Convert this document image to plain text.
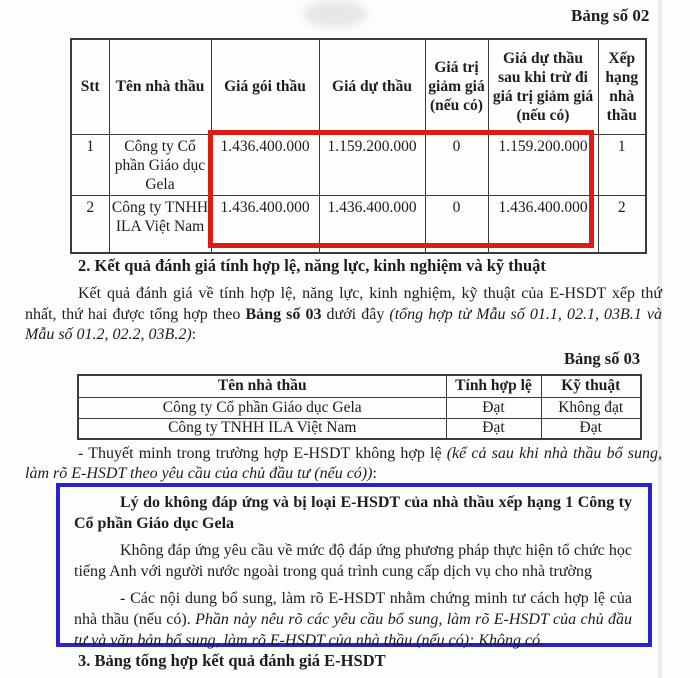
Bảng số 02
Stt	Tên nhà thầu	Giá gói thầu	Giá dự thầu	Giá trị giảm giá (nếu có)	Giá dự thầu sau khi trừ đi giá trị giảm giá (nếu có)	Xếp hạng nhà thầu
1	Công ty Cổ phần Giáo dục Gela	1.436.400.000	1.159.200.000	0	1.159.200.000	1
2	Công ty TNHH ILA Việt Nam	1.436.400.000	1.436.400.000	0	1.436.400.000	2
2. Kết quả đánh giá tính hợp lệ, năng lực, kinh nghiệm và kỹ thuật
Kết quả đánh giá về tính hợp lệ, năng lực, kinh nghiệm, kỹ thuật của E-HSDT xếp thứ nhất, thứ hai được tổng hợp theo Bảng số 03 dưới đây (tổng hợp từ Mẫu số 01.1, 02.1, 03B.1 và Mẫu số 01.2, 02.2, 03B.2):
Bảng số 03
Tên nhà thầu	Tính hợp lệ	Kỹ thuật
Công ty Cổ phần Giáo dục Gela	Đạt	Không đạt
Công ty TNHH ILA Việt Nam	Đạt	Đạt
- Thuyết minh trong trường hợp E-HSDT không hợp lệ (kể cả sau khi nhà thầu bổ sung, làm rõ E-HSDT theo yêu cầu của chủ đầu tư (nếu có)):

Lý do không đáp ứng và bị loại E-HSDT của nhà thầu xếp hạng 1 Công ty Cổ phần Giáo dục Gela

Không đáp ứng yêu cầu về mức độ đáp ứng phương pháp thực hiện tổ chức học tiếng Anh với người nước ngoài trong quá trình cung cấp dịch vụ cho nhà trường

- Các nội dung bổ sung, làm rõ E-HSDT nhằm chứng minh tư cách hợp lệ của nhà thầu (nếu có). Phần này nêu rõ các yêu cầu bổ sung, làm rõ E-HSDT của chủ đầu tư và văn bản bổ sung, làm rõ E-HSDT của nhà thầu (nếu có): Không có.

3. Bảng tổng hợp kết quả đánh giá E-HSDT
